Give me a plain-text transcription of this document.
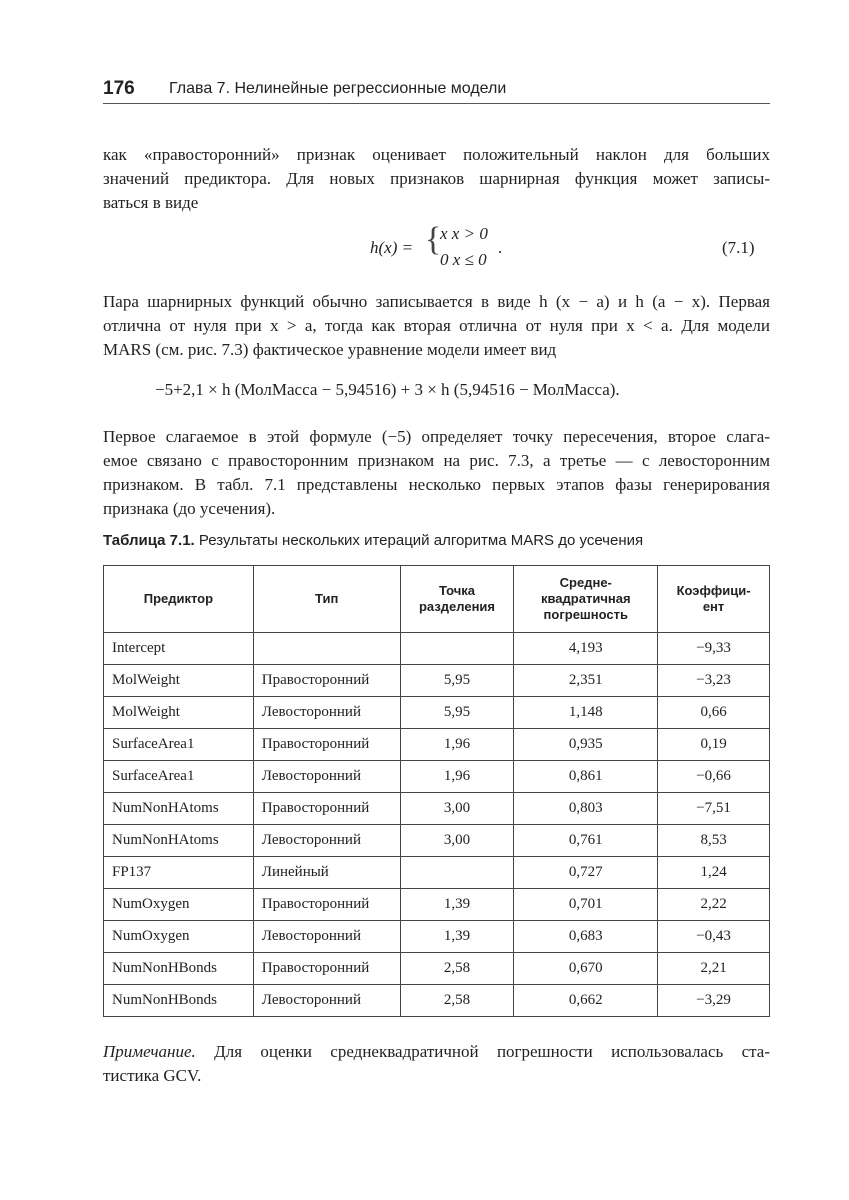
176 Глава 7. Нелинейные регрессионные модели
как «правосторонний» признак оценивает положительный наклон для больших
значений предиктора. Для новых признаков шарнирная функция может записы-
ваться в виде
h(x) = {
x x > 0
0 x ≤ 0
.	(7.1)
Пара шарнирных функций обычно записывается в виде h (x − a) и h (a − x). Первая
отлична от нуля при x > a, тогда как вторая отлична от нуля при x < a. Для модели
MARS (см. рис. 7.3) фактическое уравнение модели имеет вид
−5+2,1 × h (МолМасса − 5,94516) + 3 × h (5,94516 − МолМасса).
Первое слагаемое в этой формуле (−5) определяет точку пересечения, второе слага-
емое связано с правосторонним признаком на рис. 7.3, а третье — с левосторонним
признаком. В табл. 7.1 представлены несколько первых этапов фазы генерирования
признака (до усечения).
Таблица 7.1. Результаты нескольких итераций алгоритма MARS до усечения
Предиктор	Тип	Точка разделения	Средне-квадратичная погрешность	Коэффици-ент
Intercept			4,193	−9,33
MolWeight	Правосторонний	5,95	2,351	−3,23
MolWeight	Левосторонний	5,95	1,148	0,66
SurfaceArea1	Правосторонний	1,96	0,935	0,19
SurfaceArea1	Левосторонний	1,96	0,861	−0,66
NumNonHAtoms	Правосторонний	3,00	0,803	−7,51
NumNonHAtoms	Левосторонний	3,00	0,761	8,53
FP137	Линейный		0,727	1,24
NumOxygen	Правосторонний	1,39	0,701	2,22
NumOxygen	Левосторонний	1,39	0,683	−0,43
NumNonHBonds	Правосторонний	2,58	0,670	2,21
NumNonHBonds	Левосторонний	2,58	0,662	−3,29
Примечание. Для оценки среднеквадратичной погрешности использовалась ста-
тистика GCV.
